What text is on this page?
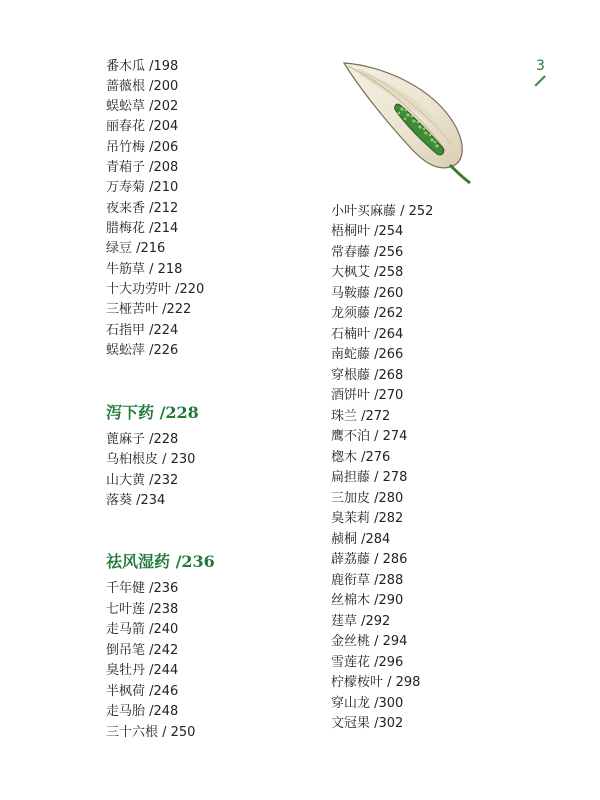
番木瓜 /198
蔷薇根 /200
蜈蚣草 /202
丽春花 /204
吊竹梅 /206
青葙子 /208
万寿菊 /210
夜来香 /212
腊梅花 /214
绿豆 /216
牛筋草 / 218
十大功劳叶 /220
三桠苦叶 /222
石指甲 /224
蜈蚣萍 /226
泻下药 /228
蓖麻子 /228
乌桕根皮 / 230
山大黄 /232
落葵 /234
祛风湿药 /236
千年健 /236
七叶莲 /238
走马箭 /240
倒吊笔 /242
臭牡丹 /244
半枫荷 /246
走马胎 /248
三十六根 / 250
小叶买麻藤 / 252
梧桐叶 /254
常春藤 /256
大枫艾 /258
马鞍藤 /260
龙须藤 /262
石楠叶 /264
南蛇藤 /266
穿根藤 /268
酒饼叶 /270
珠兰 /272
鹰不泊 / 274
楤木 /276
扁担藤 / 278
三加皮 /280
臭茉莉 /282
赪桐 /284
薜荔藤 / 286
鹿衔草 /288
丝棉木 /290
莛草 /292
金丝桃 / 294
雪莲花 /296
柠檬桉叶 / 298
穿山龙 /300
文冠果 /302
3
